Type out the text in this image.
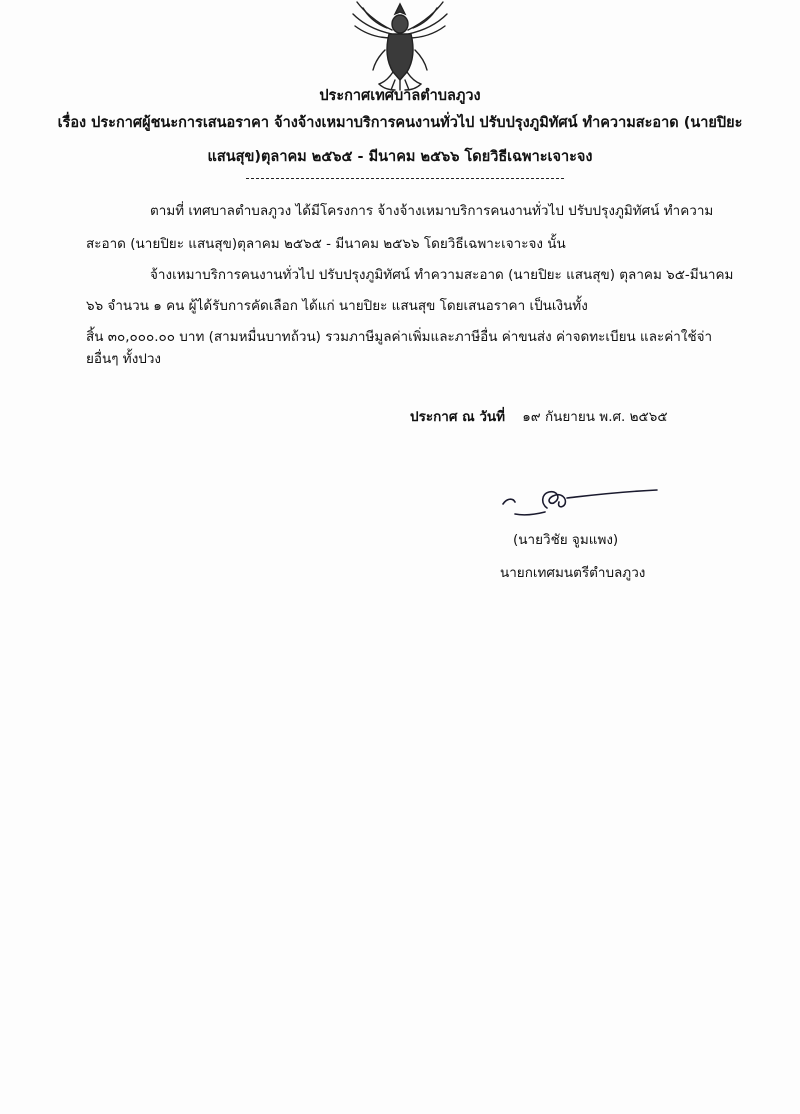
ประกาศเทศบาลตำบลภูวง
เรื่อง ประกาศผู้ชนะการเสนอราคา จ้างจ้างเหมาบริการคนงานทั่วไป ปรับปรุงภูมิทัศน์ ทำความสะอาด (นายปิยะ
แสนสุข)ตุลาคม ๒๕๖๕ - มีนาคม ๒๕๖๖ โดยวิธีเฉพาะเจาะจง
ตามที่ เทศบาลตำบลภูวง ได้มีโครงการ จ้างจ้างเหมาบริการคนงานทั่วไป ปรับปรุงภูมิทัศน์ ทำความ
สะอาด (นายปิยะ แสนสุข)ตุลาคม ๒๕๖๕ - มีนาคม ๒๕๖๖ โดยวิธีเฉพาะเจาะจง นั้น
จ้างเหมาบริการคนงานทั่วไป ปรับปรุงภูมิทัศน์ ทำความสะอาด (นายปิยะ แสนสุข) ตุลาคม ๖๕-มีนาคม
๖๖ จำนวน ๑ คน ผู้ได้รับการคัดเลือก ได้แก่ นายปิยะ แสนสุข โดยเสนอราคา เป็นเงินทั้ง
สิ้น ๓๐,๐๐๐.๐๐ บาท (สามหมื่นบาทถ้วน) รวมภาษีมูลค่าเพิ่มและภาษีอื่น ค่าขนส่ง ค่าจดทะเบียน และค่าใช้จ่า
ยอื่นๆ ทั้งปวง
ประกาศ ณ วันที่ ๑๙ กันยายน พ.ศ. ๒๕๖๕
(นายวิชัย จูมแพง)
นายกเทศมนตรีตำบลภูวง
